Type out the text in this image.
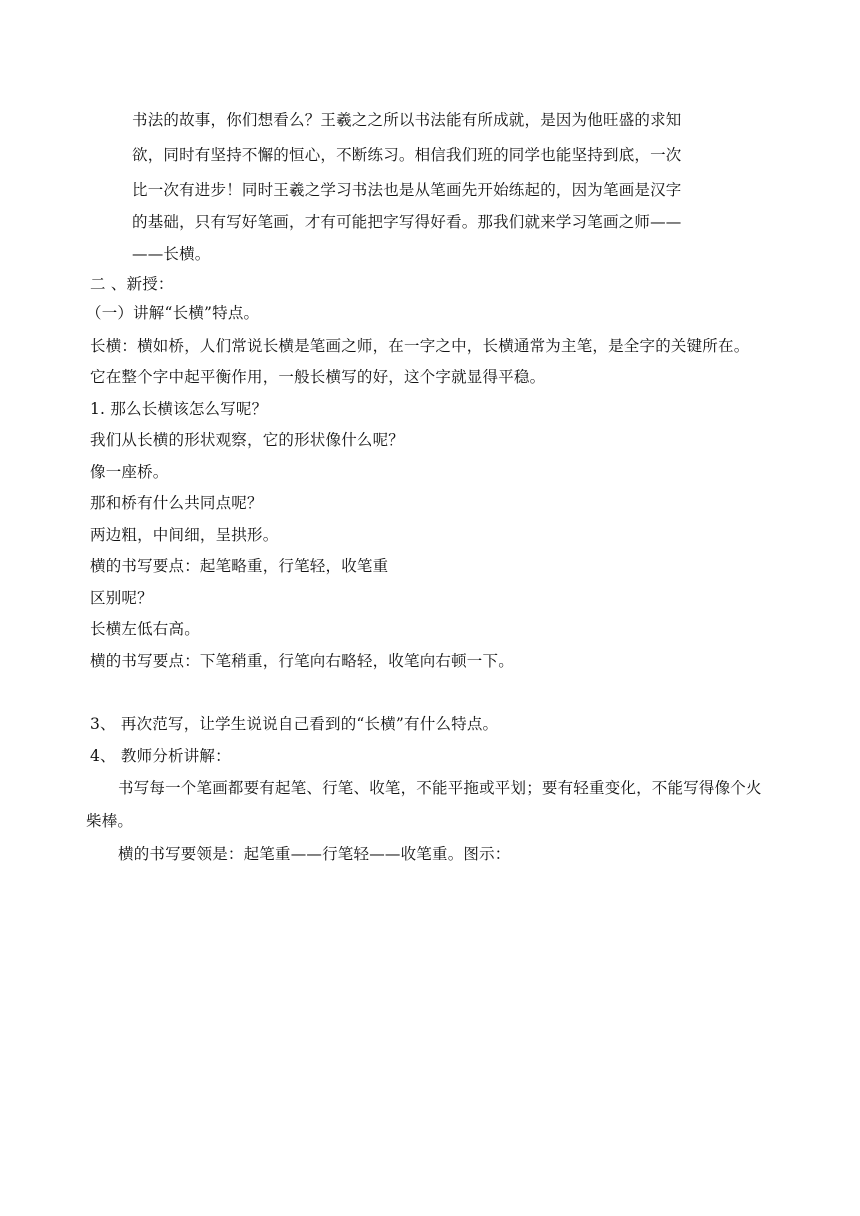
书法的故事，你们想看么？王羲之之所以书法能有所成就，是因为他旺盛的求知
欲，同时有坚持不懈的恒心，不断练习。相信我们班的同学也能坚持到底，一次
比一次有进步！同时王羲之学习书法也是从笔画先开始练起的，因为笔画是汉字
的基础，只有写好笔画，才有可能把字写得好看。那我们就来学习笔画之师——
——长横。
二 、新授：
（一）讲解“长横”特点。
长横：横如桥，人们常说长横是笔画之师，在一字之中，长横通常为主笔，是全字的关键所在。
它在整个字中起平衡作用，一般长横写的好，这个字就显得平稳。
1. 那么长横该怎么写呢？
我们从长横的形状观察，它的形状像什么呢？
像一座桥。
那和桥有什么共同点呢？
两边粗，中间细，呈拱形。
横的书写要点：起笔略重，行笔轻，收笔重
区别呢？
长横左低右高。
横的书写要点：下笔稍重，行笔向右略轻，收笔向右顿一下。
3、 再次范写，让学生说说自己看到的“长横”有什么特点。
4、 教师分析讲解：
书写每一个笔画都要有起笔、行笔、收笔，不能平拖或平划；要有轻重变化，不能写得像个火
柴棒。
横的书写要领是：起笔重——行笔轻——收笔重。图示：
